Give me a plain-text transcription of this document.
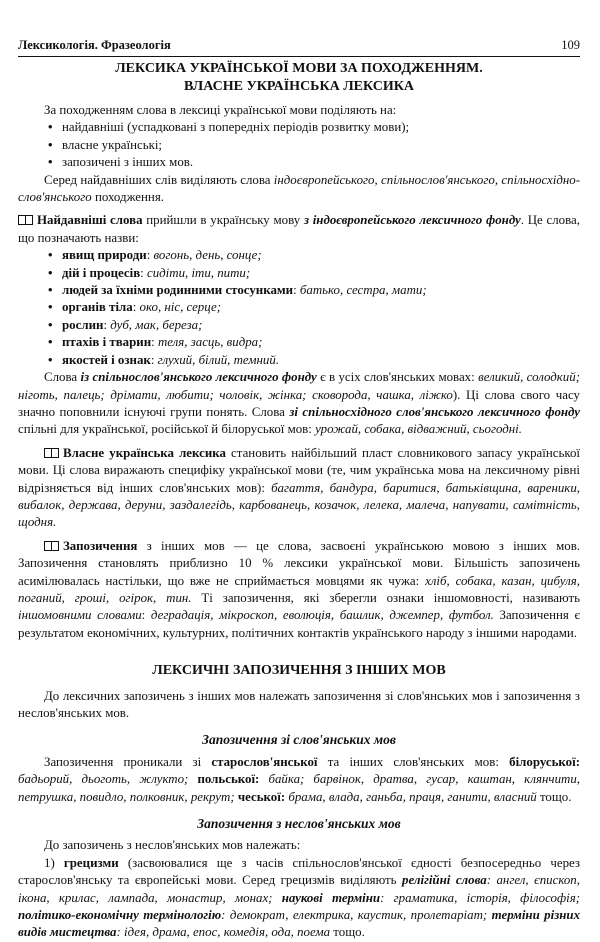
Лексикологія. Фразеологія	109
ЛЕКСИКА УКРАЇНСЬКОЇ МОВИ ЗА ПОХОДЖЕННЯМ.
ВЛАСНЕ УКРАЇНСЬКА ЛЕКСИКА

За походженням слова в лексиці української мови поділяють на:

• найдавніші (успадковані з попередніх періодів розвитку мови);
• власне українські;
• запозичені з інших мов.

Серед найдавніших слів виділяють слова індоєвропейського, спільнослов'янського, спільносхіднослов'янського походження.

Найдавніші слова прийшли в українську мову з індоєвропейського лексичного фонду. Це слова, що позначають назви:

• явищ природи: вогонь, день, сонце;
• дій і процесів: сидіти, іти, пити;
• людей за їхніми родинними стосунками: батько, сестра, мати;
• органів тіла: око, ніс, серце;
• рослин: дуб, мак, береза;
• птахів і тварин: теля, засць, видра;
• якостей і ознак: глухий, білий, темний.

Слова із спільнослов'янського лексичного фонду є в усіх слов'янських мовах: великий, солодкий; ніготь, палець; дрімати, любити; чоловік, жінка; сковорода, чашка, ліжко). Ці слова свого часу значно поповнили існуючі групи понять. Слова зі спільносхідного слов'янського лексичного фонду спільні для української, російської й білоруської мов: урожай, собака, відважний, сьогодні.

Власне українська лексика становить найбільший пласт словникового запасу української мови. Ці слова виражають специфіку української мови (те, чим українська мова на лексичному рівні відрізняється від інших слов'янських мов): багаття, бандура, баритися, батьківщина, вареники, вибалок, держава, деруни, заздалегідь, карбованець, козачок, лелека, малеча, напувати, самітність, щодня.

Запозичення з інших мов — це слова, засвоєні українською мовою з інших мов. Запозичення становлять приблизно 10 % лексики української мови. Більшість запозичень асимілювалась настільки, що вже не сприймається мовцями як чужа: хліб, собака, казан, цибуля, поганий, гроші, огірок, тин. Ті запозичення, які зберегли ознаки іншомовності, називають іншомовними словами: деградація, мікроскоп, еволюція, башлик, джемпер, футбол. Запозичення є результатом економічних, культурних, політичних контактів українського народу з іншими народами.

ЛЕКСИЧНІ ЗАПОЗИЧЕННЯ З ІНШИХ МОВ

До лексичних запозичень з інших мов належать запозичення зі слов'янських мов і запозичення з неслов'янських мов.

Запозичення зі слов'янських мов

Запозичення проникали зі старослов'янської та інших слов'янських мов: білоруської: бадьорий, дьоготь, жлукто; польської: байка; барвінок, дратва, гусар, каштан, клянчити, петрушка, повидло, полковник, рекрут; чеської: брама, влада, ганьба, праця, ганити, власний тощо.

Запозичення з неслов'янських мов

До запозичень з неслов'янських мов належать:

1) грецизми (засвоювалися ще з часів спільнослов'янської єдності безпосередньо через старослов'янську та європейські мови. Серед грецизмів виділяють релігійні слова: ангел, єпископ, ікона, крилас, лампада, монастир, монах; наукові терміни: граматика, історія, філософія; політико-економічну термінологію: демократ, електрика, каустик, пролетаріат; терміни різних видів мистецтва: ідея, драма, епос, комедія, ода, поема тощо.
